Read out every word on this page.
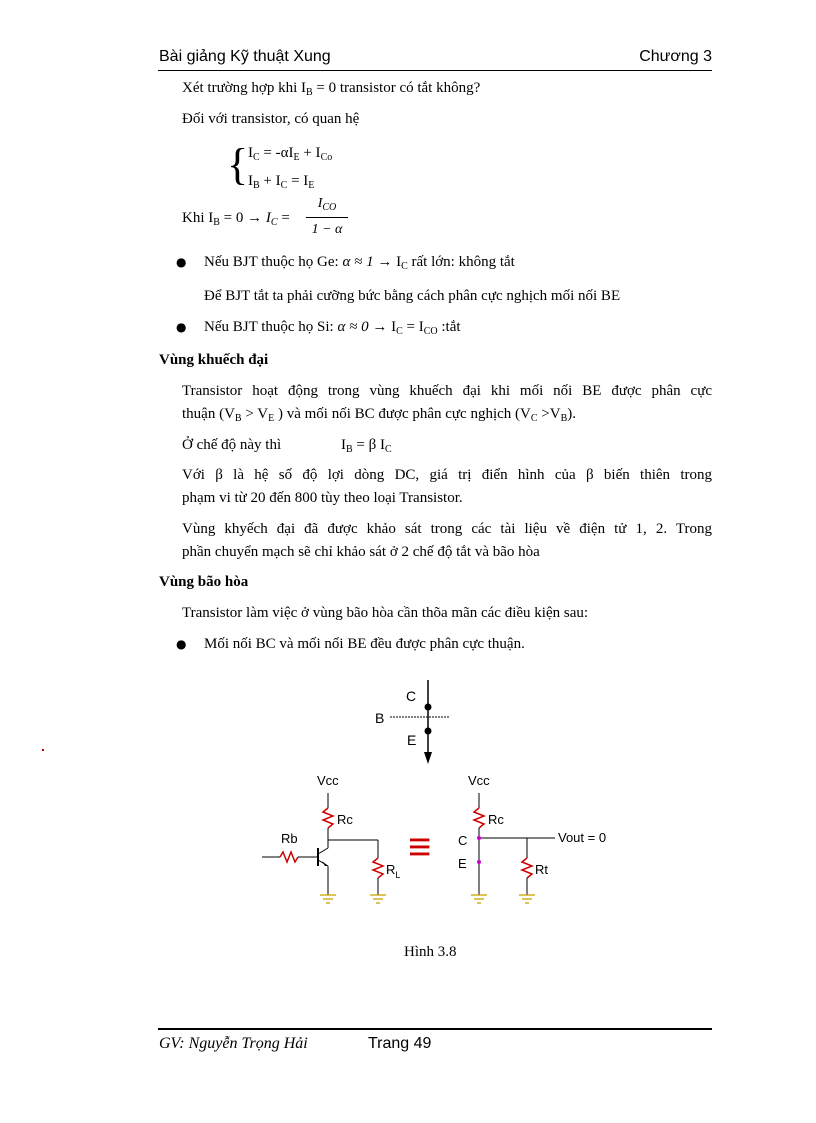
Bài giảng Kỹ thuật Xung	Chương 3
Xét trường hợp khi $I_B = 0$ transistor có tắt không?
Đối với transistor, có quan hệ
{ $I_C = -\alpha I_E + I_{Co}$
$I_B + I_C = I_E$
Khi $I_B = 0 \to I_C$ =
$I_{CO}$
1 − α
● Nếu BJT thuộc họ Ge: $\alpha \approx 1 \to I_C$ rất lớn: không tắt
Để BJT tắt ta phải cưỡng bức bằng cách phân cực nghịch mối nối BE
● Nếu BJT thuộc họ Si: $\alpha \approx 0 \to I_C = I_{CO}$ :tắt
Vùng khuếch đại
Transistor hoạt động trong vùng khuếch đại khi mối nối BE được phân cực
thuận ($V_B > V_E$ ) và mối nối BC được phân cực nghịch $(V_C >V_B)$.
Ở chế độ này thì	$I_B = \beta$ $I_C$
Với β là hệ số độ lợi dòng DC, giá trị điển hình của β biến thiên trong
phạm vi từ 20 đến 800 tùy theo loại Transistor.
Vùng khyếch đại đã được khảo sát trong các tài liệu về điện tử 1, 2. Trong
phần chuyển mạch sẽ chỉ khảo sát ở 2 chế độ tắt và bão hòa
Vùng bão hòa
Transistor làm việc ở vùng bão hòa cần thõa mãn các điều kiện sau:
● Mối nối BC và mối nối BE đều được phân cực thuận.
C
B
E
Vcc
Rc
$R_L$
Rb	≡
Vcc
Rc
C
E
Vout = 0
Rt
Hình 3.8
GV: Nguyễn Trọng Hải	Trang 49
